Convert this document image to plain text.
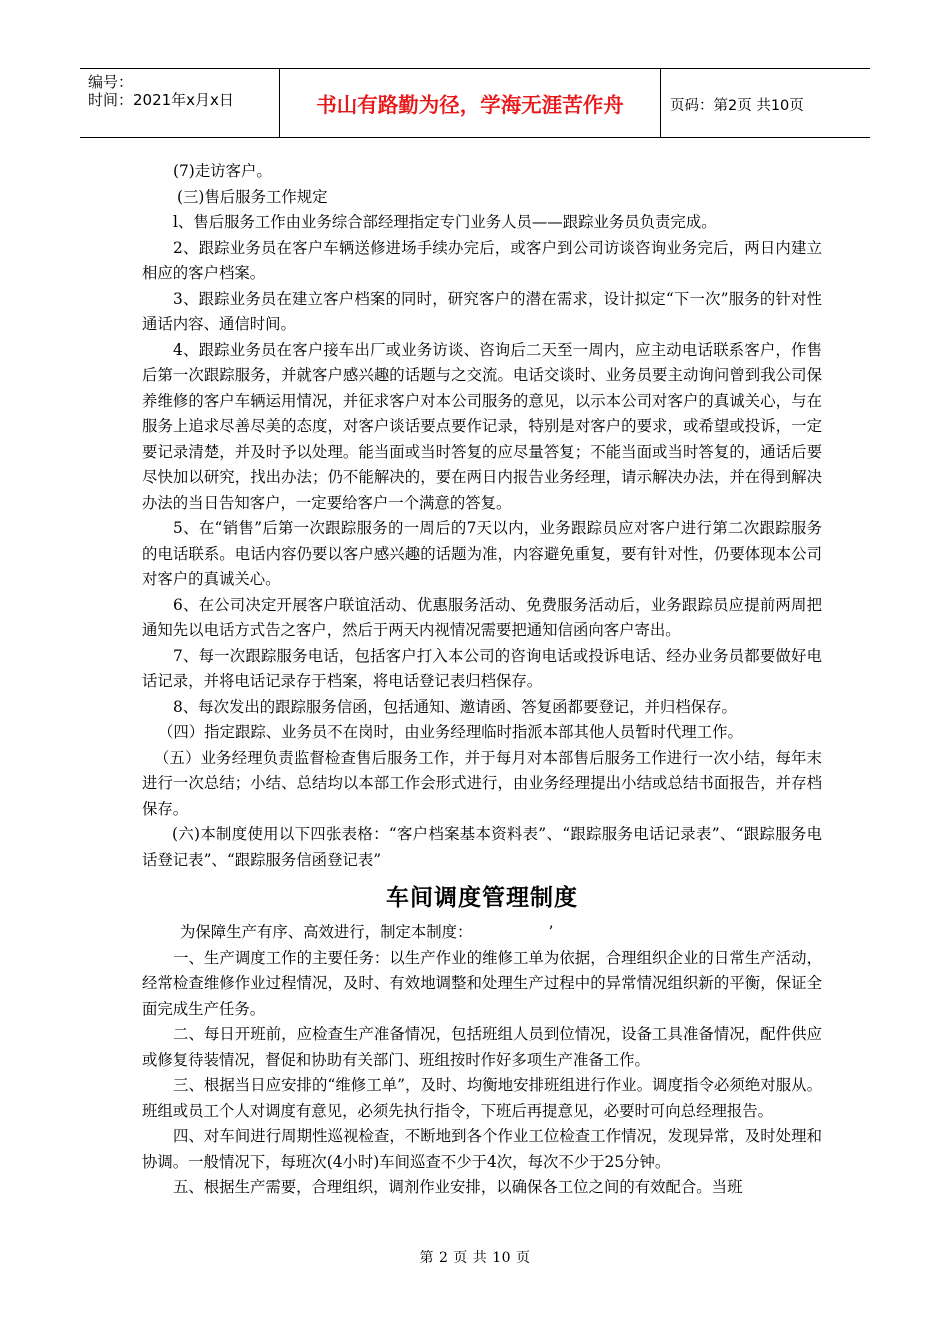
编号：
时间：2021年x月x日	书山有路勤为径，学海无涯苦作舟	页码：第2页 共10页

(7)走访客户。

(三)售后服务工作规定

l、售后服务工作由业务综合部经理指定专门业务人员——跟踪业务员负责完成。

2、跟踪业务员在客户车辆送修进场手续办完后，或客户到公司访谈咨询业务完后，两日内建立相应的客户档案。

3、跟踪业务员在建立客户档案的同时，研究客户的潜在需求，设计拟定“下一次”服务的针对性通话内容、通信时间。

4、跟踪业务员在客户接车出厂或业务访谈、咨询后二天至一周内，应主动电话联系客户，作售后第一次跟踪服务，并就客户感兴趣的话题与之交流。电话交谈时、业务员要主动询问曾到我公司保养维修的客户车辆运用情况，并征求客户对本公司服务的意见，以示本公司对客户的真诚关心，与在服务上追求尽善尽美的态度，对客户谈话要点要作记录，特别是对客户的要求，或希望或投诉，一定要记录清楚，并及时予以处理。能当面或当时答复的应尽量答复；不能当面或当时答复的，通话后要尽快加以研究，找出办法；仍不能解决的，要在两日内报告业务经理，请示解决办法，并在得到解决办法的当日告知客户，一定要给客户一个满意的答复。

5、在“销售”后第一次跟踪服务的一周后的7天以内，业务跟踪员应对客户进行第二次跟踪服务的电话联系。电话内容仍要以客户感兴趣的话题为准，内容避免重复，要有针对性，仍要体现本公司对客户的真诚关心。

6、在公司决定开展客户联谊活动、优惠服务活动、免费服务活动后，业务跟踪员应提前两周把通知先以电话方式告之客户，然后于两天内视情况需要把通知信函向客户寄出。

7、每一次跟踪服务电话，包括客户打入本公司的咨询电话或投诉电话、经办业务员都要做好电话记录，并将电话记录存于档案，将电话登记表归档保存。

8、每次发出的跟踪服务信函，包括通知、邀请函、答复函都要登记，并归档保存。

（四）指定跟踪、业务员不在岗时，由业务经理临时指派本部其他人员暂时代理工作。

（五）业务经理负责监督检查售后服务工作，并于每月对本部售后服务工作进行一次小结，每年末进行一次总结；小结、总结均以本部工作会形式进行，由业务经理提出小结或总结书面报告，并存档保存。

(六)本制度使用以下四张表格：“客户档案基本资料表”、“跟踪服务电话记录表”、“跟踪服务电话登记表”、“跟踪服务信函登记表”

车间调度管理制度

为保障生产有序、高效进行，制定本制度：	’

一、生产调度工作的主要任务：以生产作业的维修工单为依据，合理组织企业的日常生产活动，经常检查维修作业过程情况，及时、有效地调整和处理生产过程中的异常情况组织新的平衡，保证全面完成生产任务。

二、每日开班前，应检查生产准备情况，包括班组人员到位情况，设备工具准备情况，配件供应或修复待装情况，督促和协助有关部门、班组按时作好多项生产准备工作。

三、根据当日应安排的“维修工单”，及时、均衡地安排班组进行作业。调度指令必须绝对服从。班组或员工个人对调度有意见，必须先执行指令，下班后再提意见，必要时可向总经理报告。

四、对车间进行周期性巡视检查，不断地到各个作业工位检查工作情况，发现异常，及时处理和协调。一般情况下，每班次(4小时)车间巡查不少于4次，每次不少于25分钟。

五、根据生产需要，合理组织，调剂作业安排，以确保各工位之间的有效配合。当班

第 2 页 共 10 页
